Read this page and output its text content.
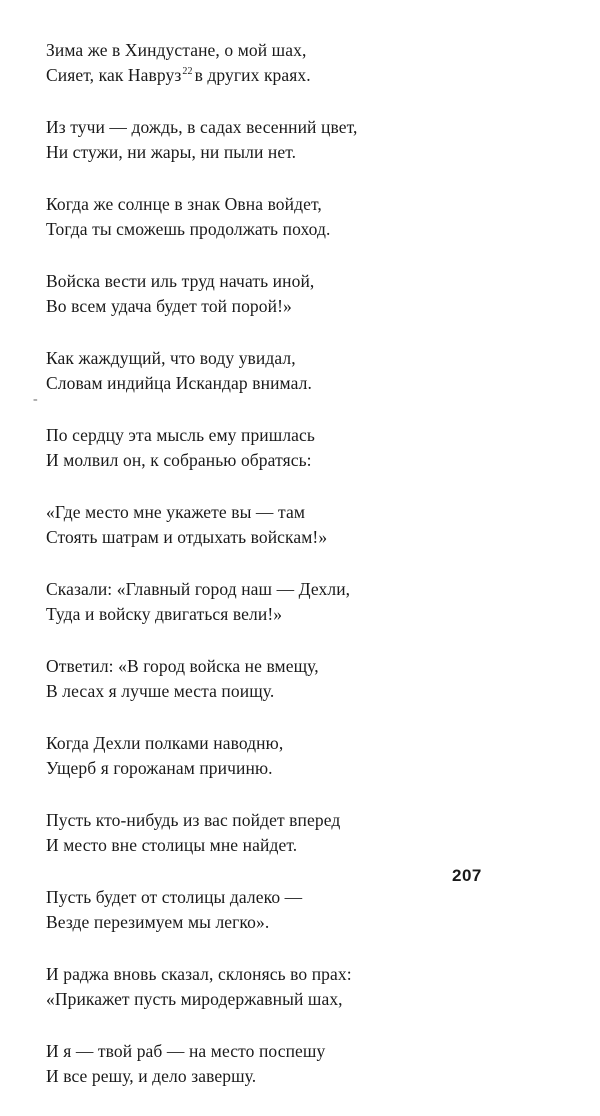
-
Зима же в Хиндустане, о мой шах,
Сияет, как Навруз$^{22}$ в других краях.
Из тучи — дождь, в садах весенний цвет,
Ни стужи, ни жары, ни пыли нет.
Когда же солнце в знак Овна войдет,
Тогда ты сможешь продолжать поход.
Войска вести иль труд начать иной,
Во всем удача будет той порой!»
Как жаждущий, что воду увидал,
Словам индийца Искандар внимал.
По сердцу эта мысль ему пришлась
И молвил он, к собранью обратясь:
«Где место мне укажете вы — там
Стоять шатрам и отдыхать войскам!»
Сказали: «Главный город наш — Дехли,
Туда и войску двигаться вели!»
Ответил: «В город войска не вмещу,
В лесах я лучше места поищу.
Когда Дехли полками наводню,
Ущерб я горожанам причиню.
Пусть кто-нибудь из вас пойдет вперед
И место вне столицы мне найдет.
Пусть будет от столицы далеко —
Везде перезимуем мы легко».
И раджа вновь сказал, склонясь во прах:
«Прикажет пусть миродержавный шах,
И я — твой раб — на место поспешу
И все решу, и дело завершу.
207
